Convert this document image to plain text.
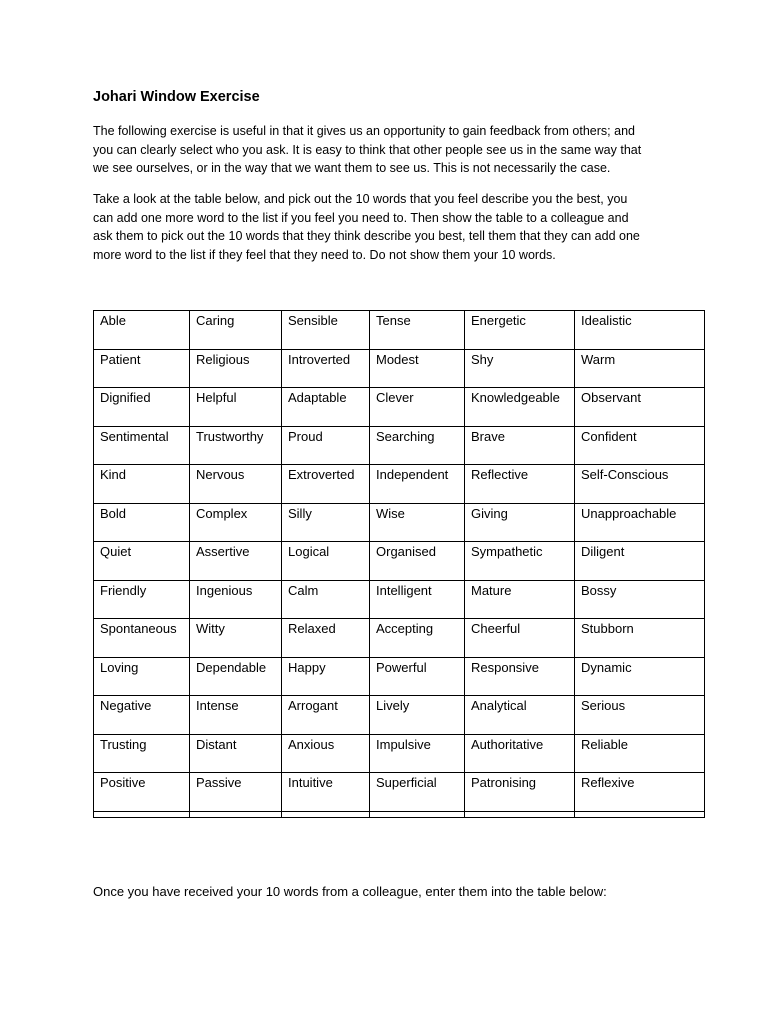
Johari Window Exercise
The following exercise is useful in that it gives us an opportunity to gain feedback from others; and
you can clearly select who you ask. It is easy to think that other people see us in the same way that
we see ourselves, or in the way that we want them to see us. This is not necessarily the case.
Take a look at the table below, and pick out the 10 words that you feel describe you the best, you
can add one more word to the list if you feel you need to. Then show the table to a colleague and
ask them to pick out the 10 words that they think describe you best, tell them that they can add one
more word to the list if they feel that they need to. Do not show them your 10 words.
Able	Caring	Sensible	Tense	Energetic	Idealistic
Patient	Religious	Introverted	Modest	Shy	Warm
Dignified	Helpful	Adaptable	Clever	Knowledgeable	Observant
Sentimental	Trustworthy	Proud	Searching	Brave	Confident
Kind	Nervous	Extroverted	Independent	Reflective	Self-Conscious
Bold	Complex	Silly	Wise	Giving	Unapproachable
Quiet	Assertive	Logical	Organised	Sympathetic	Diligent
Friendly	Ingenious	Calm	Intelligent	Mature	Bossy
Spontaneous	Witty	Relaxed	Accepting	Cheerful	Stubborn
Loving	Dependable	Happy	Powerful	Responsive	Dynamic
Negative	Intense	Arrogant	Lively	Analytical	Serious
Trusting	Distant	Anxious	Impulsive	Authoritative	Reliable
Positive	Passive	Intuitive	Superficial	Patronising	Reflexive

Once you have received your 10 words from a colleague, enter them into the table below:
